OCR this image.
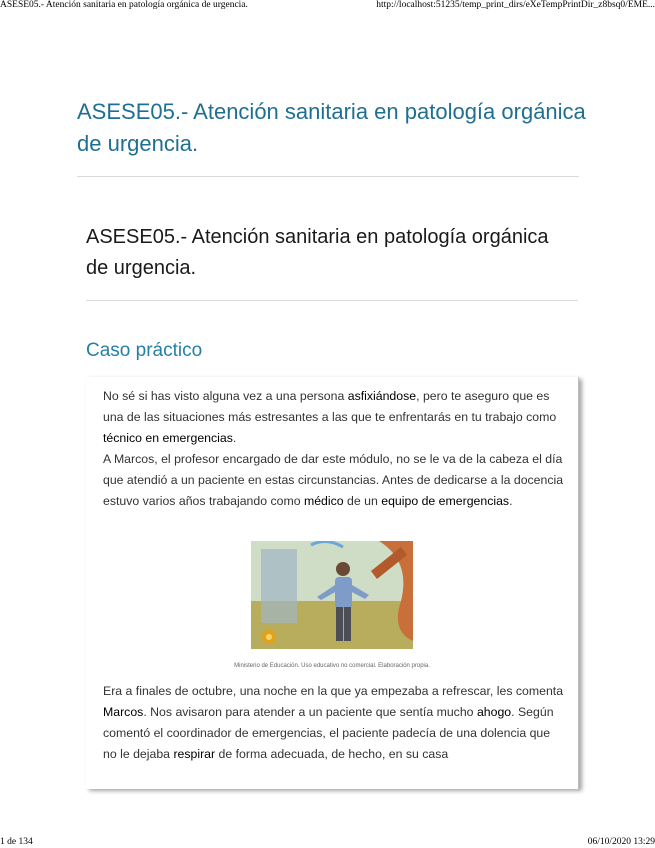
ASESE05.- Atención sanitaria en patología orgánica de urgencia.	http://localhost:51235/temp_print_dirs/eXeTempPrintDir_z8bsq0/EME...
ASESE05.- Atención sanitaria en patología orgánica de urgencia.
ASESE05.- Atención sanitaria en patología orgánica de urgencia.
Caso práctico

No sé si has visto alguna vez a una persona asfixiándose, pero te aseguro que es una de las situaciones más estresantes a las que te enfrentarás en tu trabajo como técnico en emergencias.

A Marcos, el profesor encargado de dar este módulo, no se le va de la cabeza el día que atendió a un paciente en estas circunstancias. Antes de dedicarse a la docencia estuvo varios años trabajando como médico de un equipo de emergencias.

Ministerio de Educación. Uso educativo no comercial. Elaboración propia.

Era a finales de octubre, una noche en la que ya empezaba a refrescar, les comenta Marcos. Nos avisaron para atender a un paciente que sentía mucho ahogo. Según comentó el coordinador de emergencias, el paciente padecía de una dolencia que no le dejaba respirar de forma adecuada, de hecho, en su casa

1 de 134	06/10/2020 13:29
